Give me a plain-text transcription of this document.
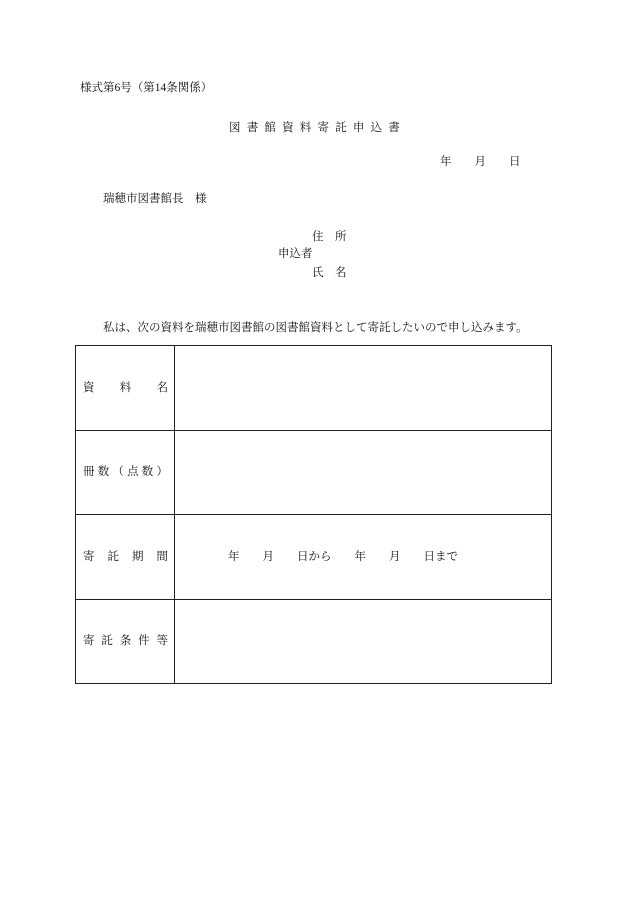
様式第6号（第14条関係）
図書館資料寄託申込書
年　　月　　日
瑞穂市図書館長　様
住　所
申込者
氏　名
私は、次の資料を瑞穂市図書館の図書館資料として寄託したいので申し込みます。
資 料 名
冊 数 （ 点 数 ）
寄 託 期 間	年　　月　　日から　　年　　月　　日まで
寄 託 条 件 等
